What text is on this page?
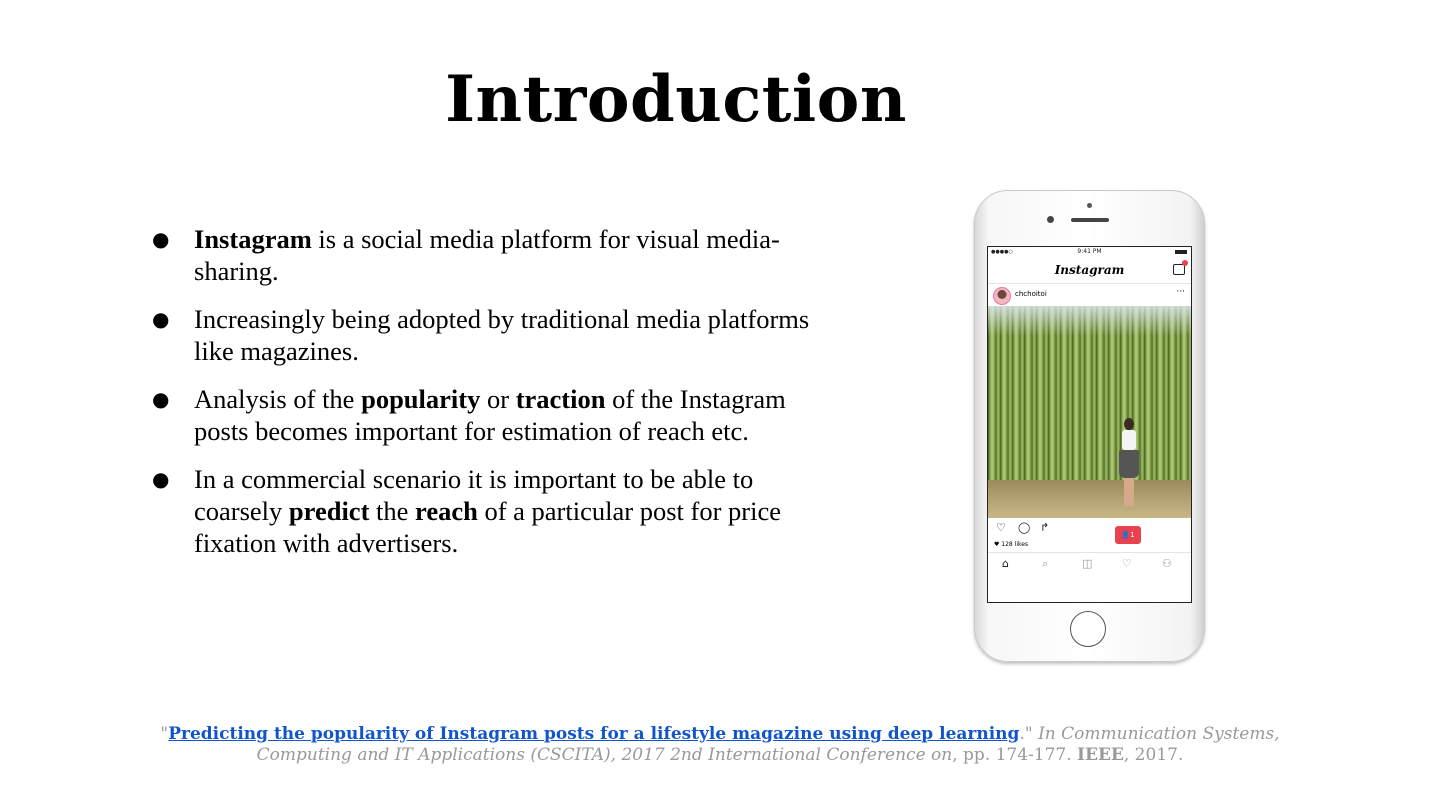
Introduction
● Instagram is a social media platform for visual media-sharing.
● Increasingly being adopted by traditional media platforms like magazines.
● Analysis of the popularity or traction of the Instagram posts becomes important for estimation of reach etc.
● In a commercial scenario it is important to be able to coarsely predict the reach of a particular post for price fixation with advertisers.
●●●●○	9:41 PM
Instagram
chchoitoi	···
♡ ◯ ↱
♥ 128 likes
👤1
⌂	⌕	◫	♡	⚇
"Predicting the popularity of Instagram posts for a lifestyle magazine using deep learning." In Communication Systems, Computing and IT Applications (CSCITA), 2017 2nd International Conference on, pp. 174-177. IEEE, 2017.
